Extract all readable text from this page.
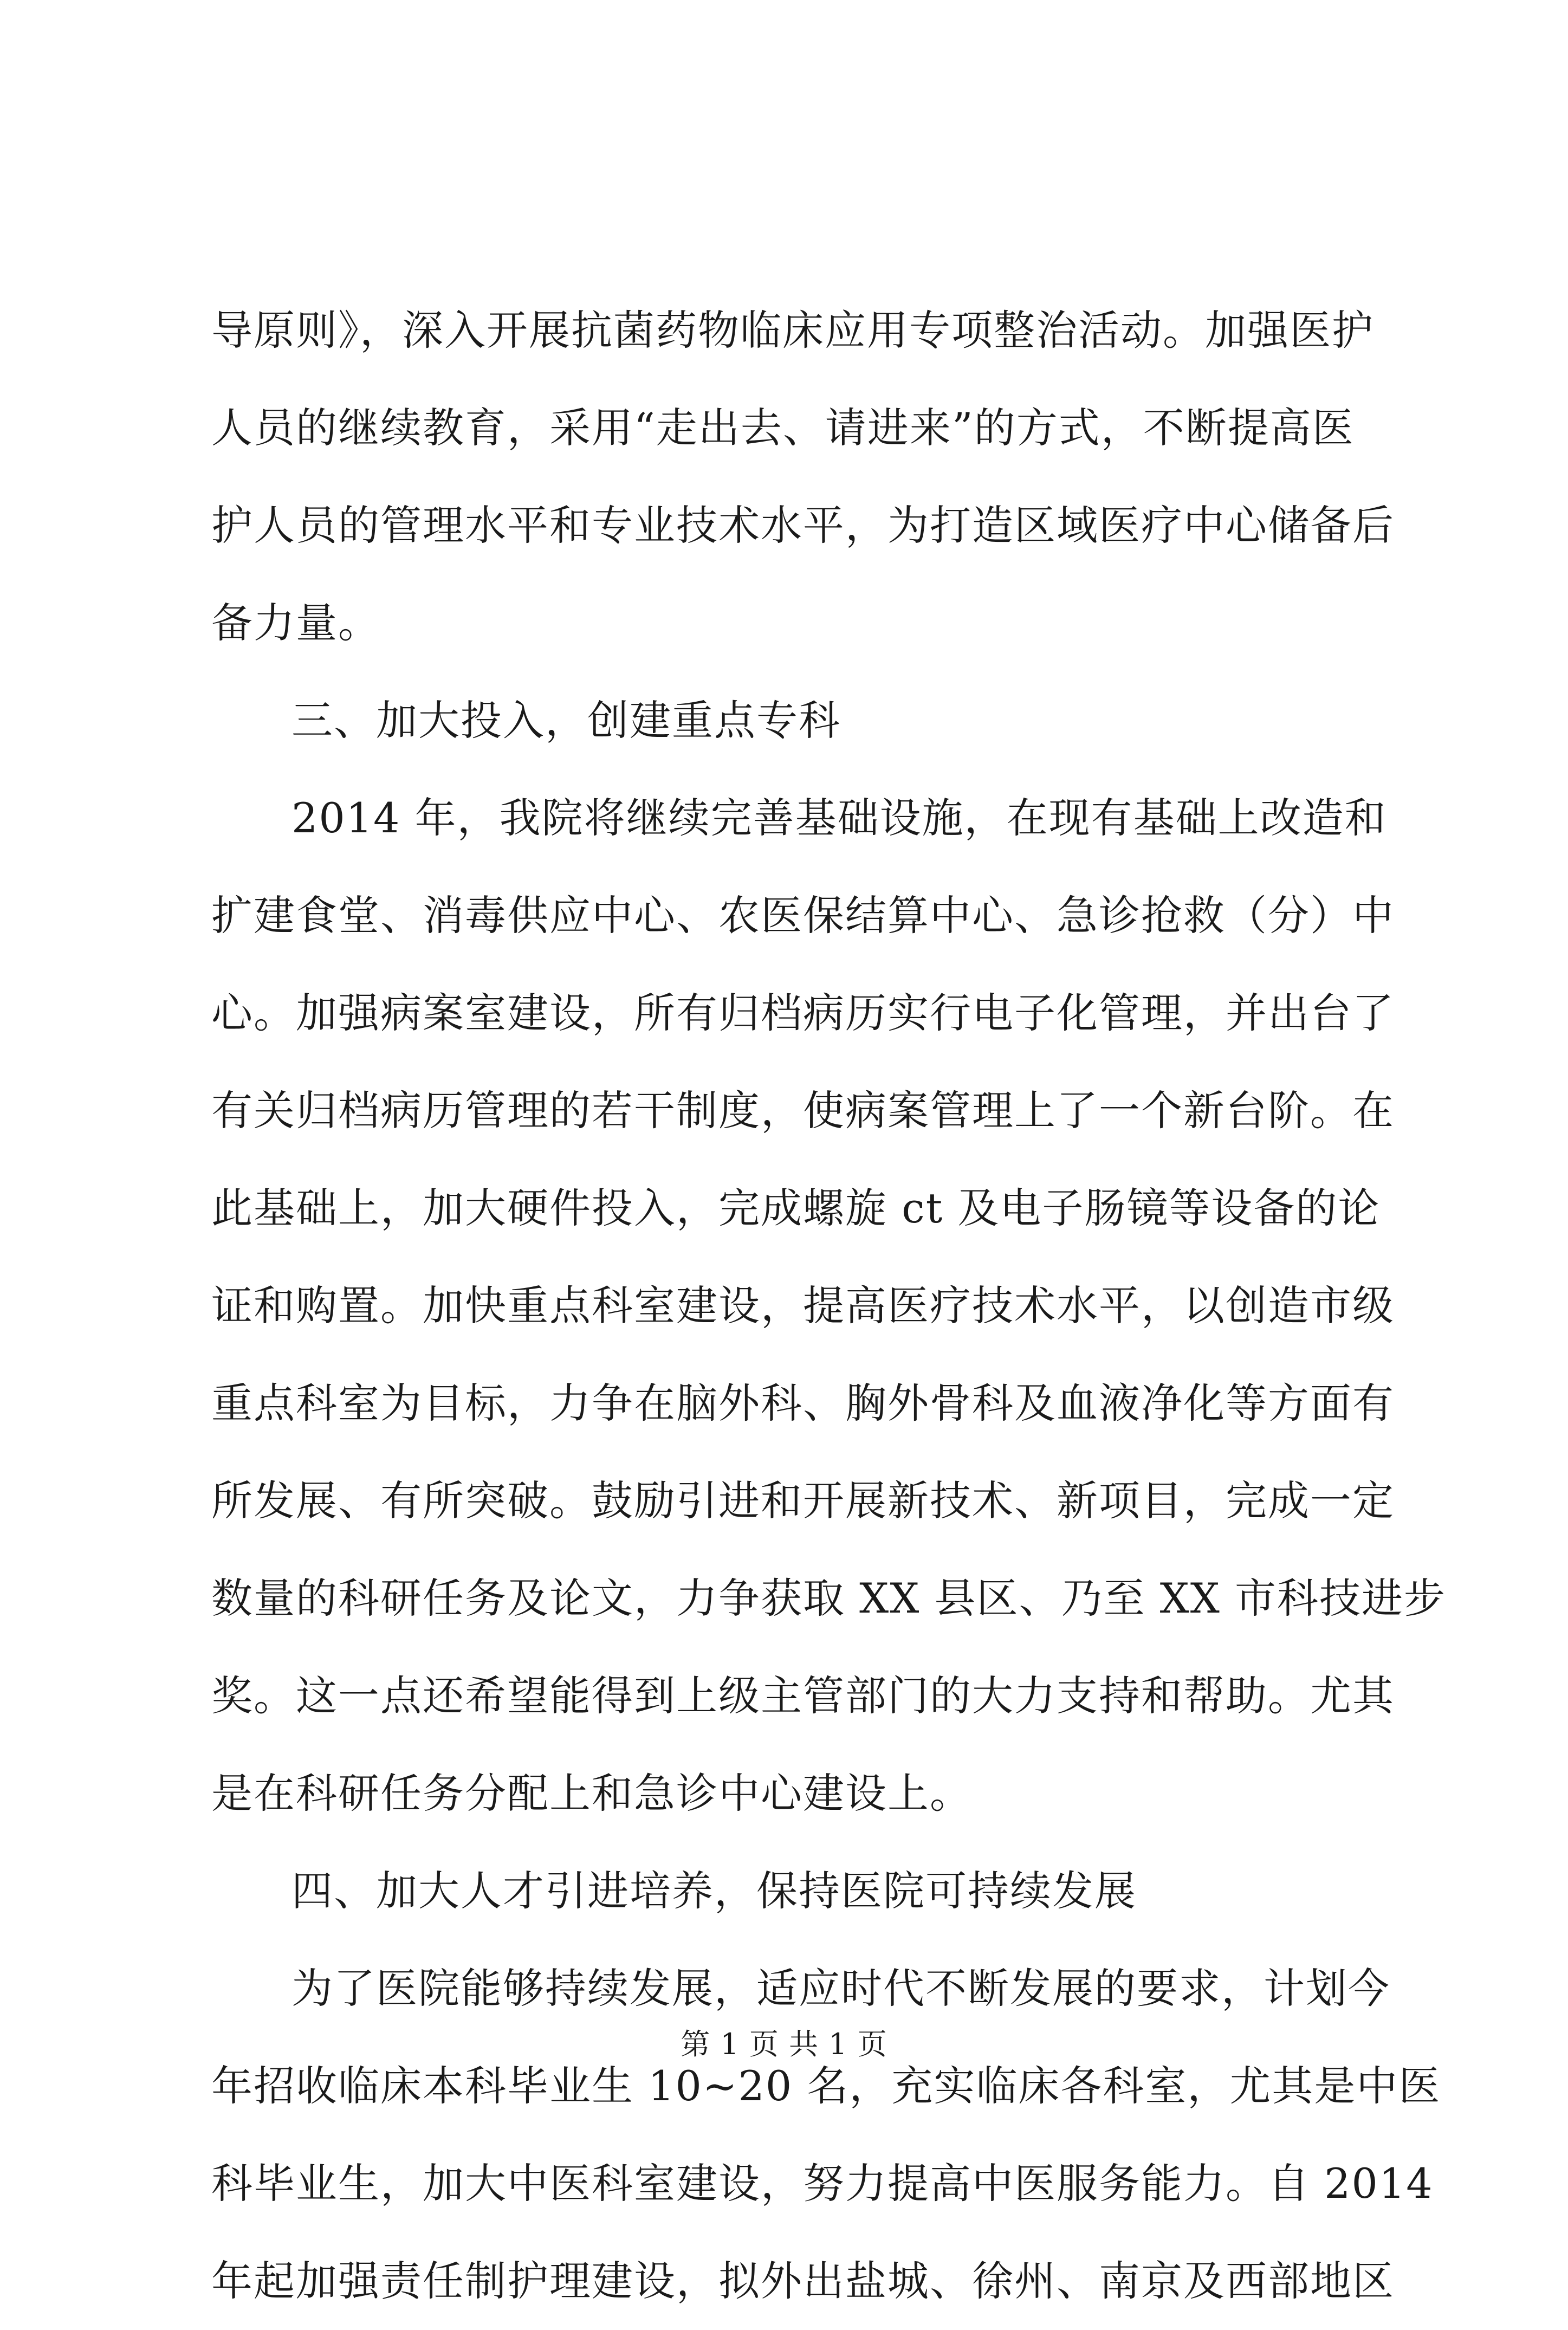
导原则》，深入开展抗菌药物临床应用专项整治活动。加强医护
人员的继续教育，采用“走出去、请进来”的方式，不断提高医
护人员的管理水平和专业技术水平，为打造区域医疗中心储备后
备力量。
三、加大投入，创建重点专科
2014 年，我院将继续完善基础设施，在现有基础上改造和
扩建食堂、消毒供应中心、农医保结算中心、急诊抢救（分）中
心。加强病案室建设，所有归档病历实行电子化管理，并出台了
有关归档病历管理的若干制度，使病案管理上了一个新台阶。在
此基础上，加大硬件投入，完成螺旋 ct 及电子肠镜等设备的论
证和购置。加快重点科室建设，提高医疗技术水平，以创造市级
重点科室为目标，力争在脑外科、胸外骨科及血液净化等方面有
所发展、有所突破。鼓励引进和开展新技术、新项目，完成一定
数量的科研任务及论文，力争获取 XX 县区、乃至 XX 市科技进步
奖。这一点还希望能得到上级主管部门的大力支持和帮助。尤其
是在科研任务分配上和急诊中心建设上。
四、加大人才引进培养，保持医院可持续发展
为了医院能够持续发展，适应时代不断发展的要求，计划今
年招收临床本科毕业生 10~20 名，充实临床各科室，尤其是中医
科毕业生，加大中医科室建设，努力提高中医服务能力。自 2014
年起加强责任制护理建设，拟外出盐城、徐州、南京及西部地区
第 1 页 共 1 页
